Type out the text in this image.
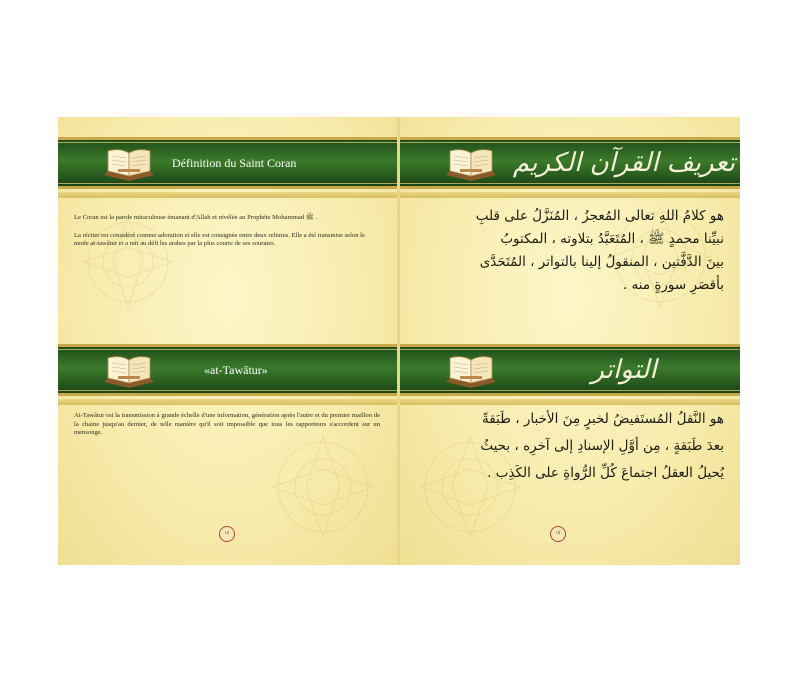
Définition du Saint Coran

Le Coran est la parole miraculeuse émanant d'Allah et révélée au Prophète Mohammad ﷺ .

La réciter est considéré comme adoration et elle est consignée entre deux reliures. Elle a été transmise selon le mode at-tawâtur et a mit au défi les arabes par la plus courte de ses sourates.

«at-Tawâtur»

At-Tawâtur est la transmission à grande échelle d'une information, génération après l'autre et du premier maillon de la chaine jusqu'au dernier, de telle manière qu'il soit impossible que tous les rapporteurs s'accordent sur un mensonge.

١٤
تعريف القرآن الكريم
هو كلامُ اللهِ تعالى المُعجزُ ، المُنَزَّلُ على قلبِ
نبيِّنا محمدٍ ﷺ ، المُتَعَبَّدُ بتلاوته ، المكتوبُ
بينَ الدَّفَّتين ، المنقولُ إلينا بالتواتر ، المُتَحَدَّى
بأقصَرِ سورةٍ منه .
التواتر
هو النَّقلُ المُستَفيضُ لخبرٍ مِنَ الأخبار ، طَبَقةً
بعدَ طَبَقةٍ ، مِن أوَّلِ الإسنادِ إلى آخرِه ، بحيثُ
يُحيلُ العقلُ اجتماعَ كُلِّ الرُّواةِ على الكَذِب .
١٥
